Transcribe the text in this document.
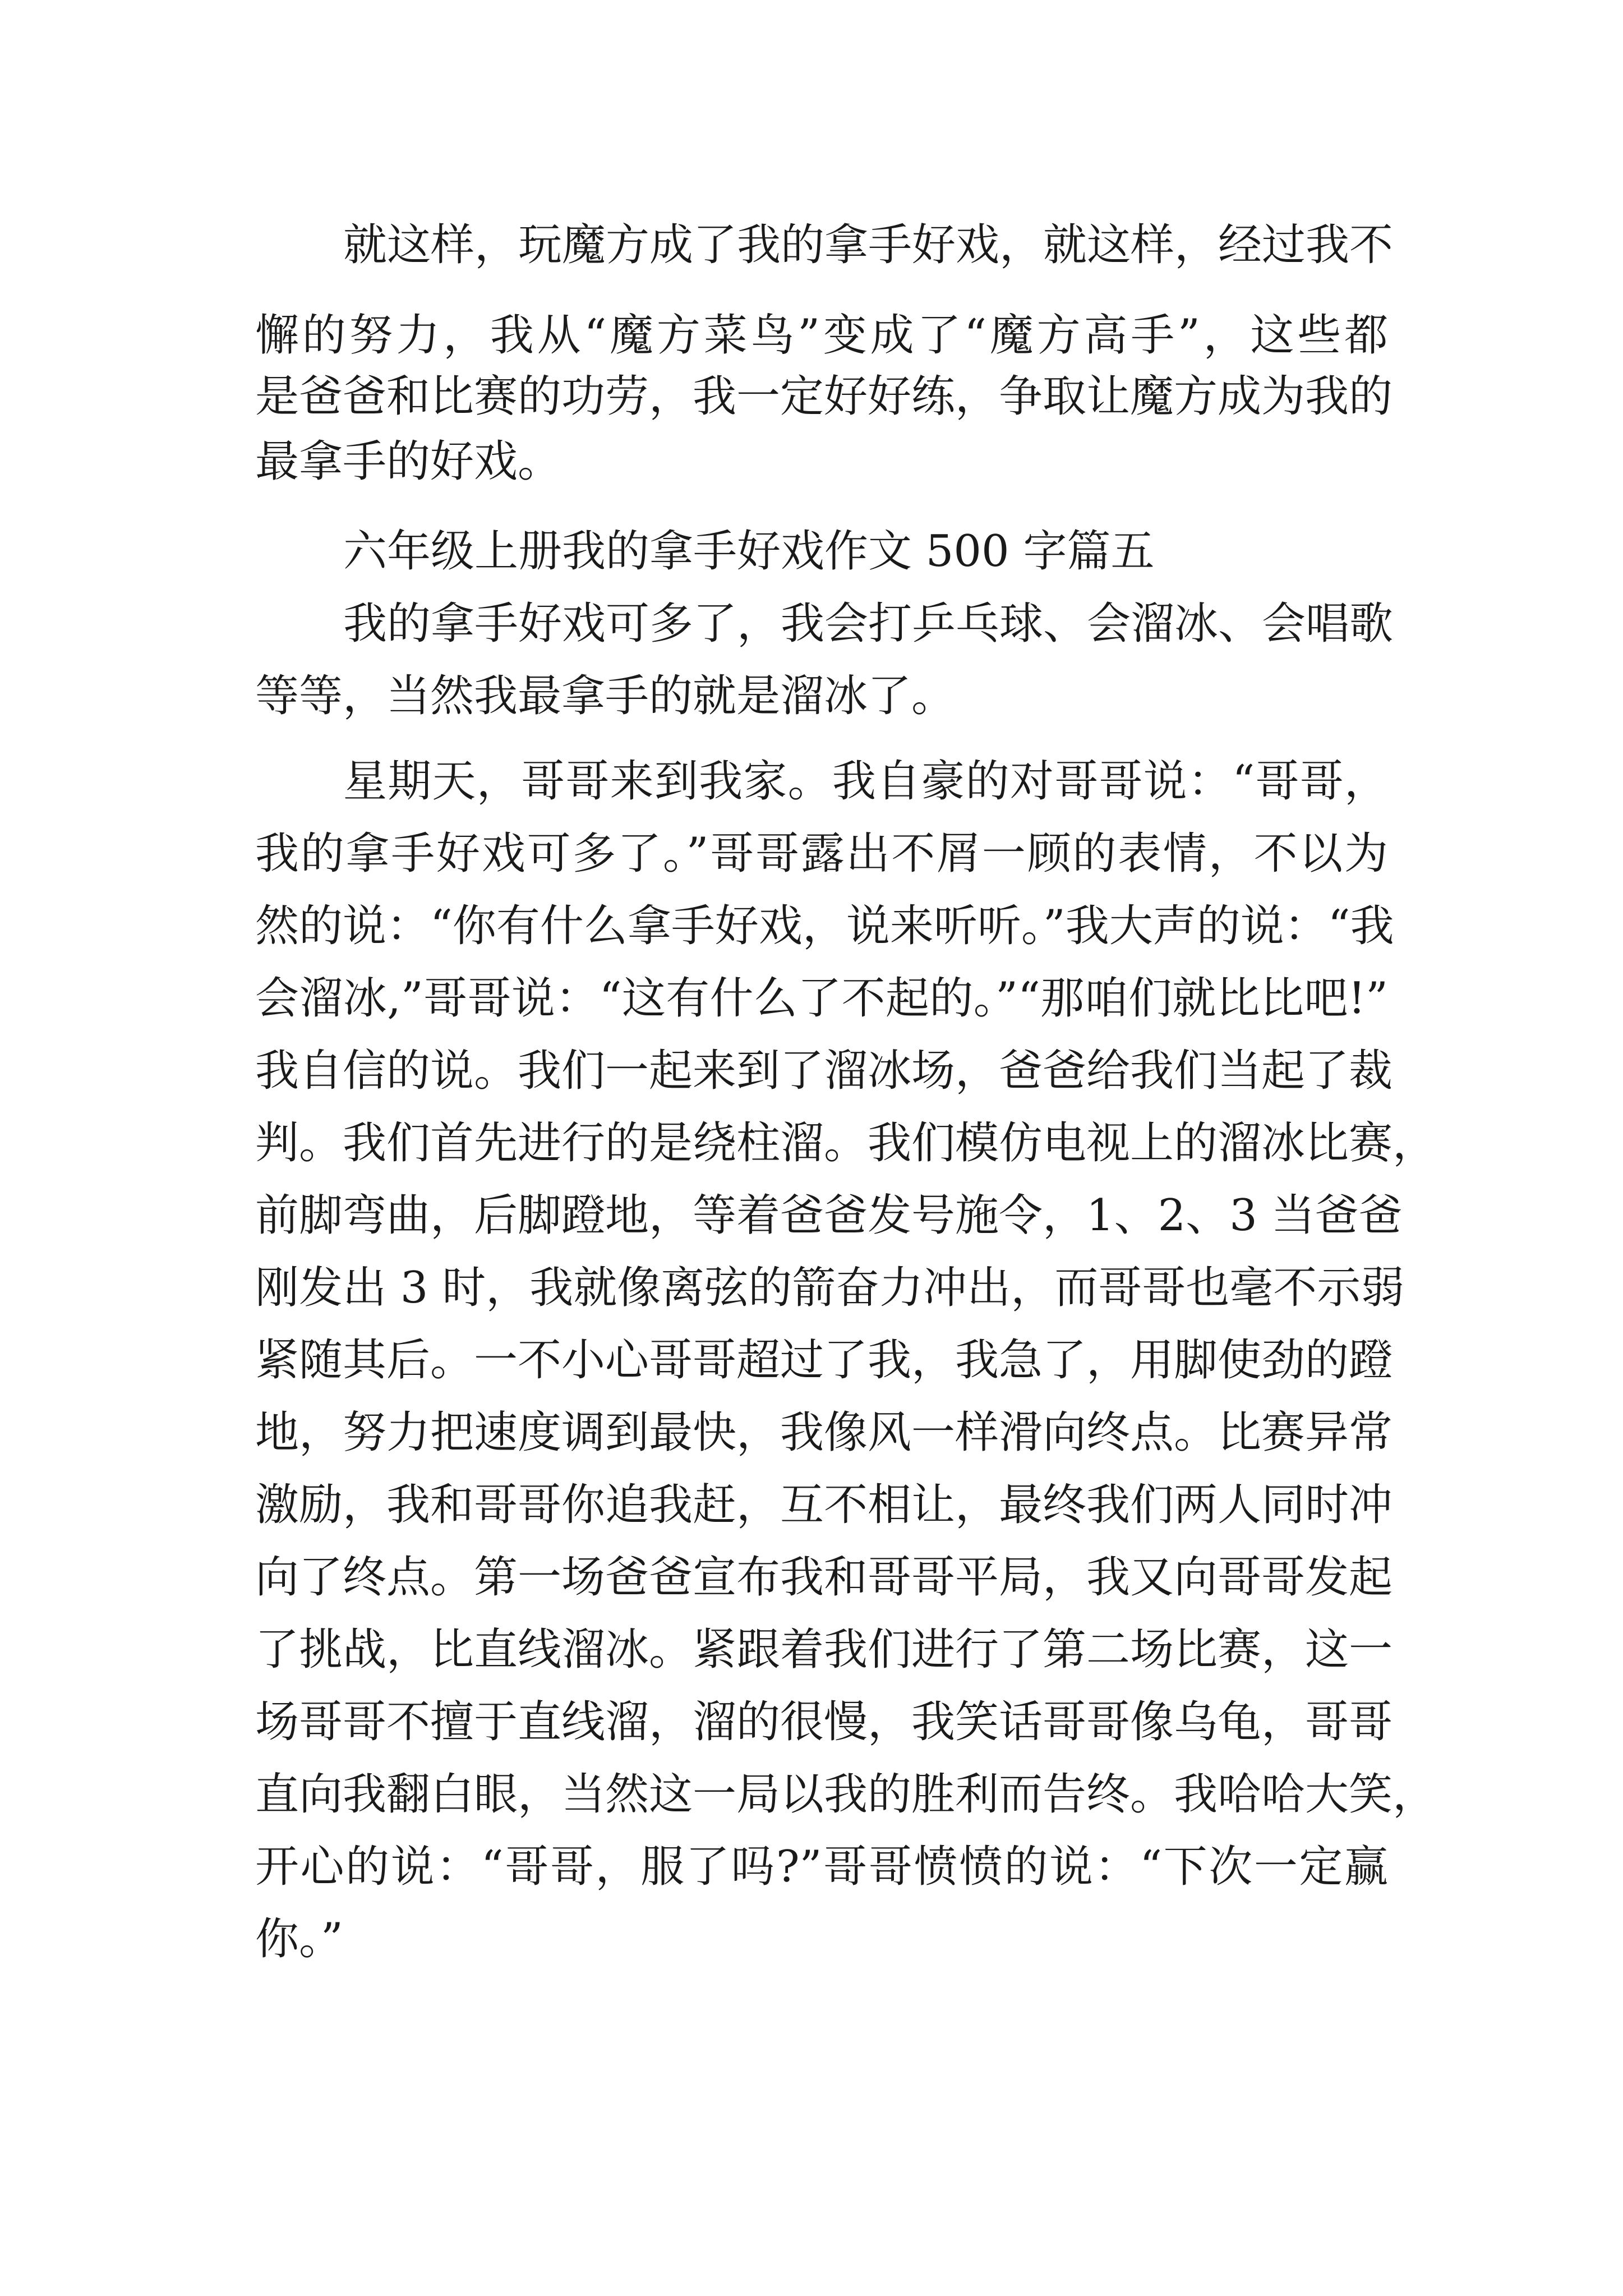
就这样，玩魔方成了我的拿手好戏，就这样，经过我不
懈的努力，我从“魔方菜鸟”变成了“魔方高手”，这些都
是爸爸和比赛的功劳，我一定好好练，争取让魔方成为我的
最拿手的好戏。
六年级上册我的拿手好戏作文 500 字篇五
我的拿手好戏可多了，我会打乒乓球、会溜冰、会唱歌
等等，当然我最拿手的就是溜冰了。
星期天，哥哥来到我家。我自豪的对哥哥说：“哥哥，
我的拿手好戏可多了。”哥哥露出不屑一顾的表情，不以为
然的说：“你有什么拿手好戏，说来听听。”我大声的说：“我
会溜冰,”哥哥说：“这有什么了不起的。”“那咱们就比比吧!”
我自信的说。我们一起来到了溜冰场，爸爸给我们当起了裁
判。我们首先进行的是绕柱溜。我们模仿电视上的溜冰比赛，
前脚弯曲，后脚蹬地，等着爸爸发号施令，1、2、3 当爸爸
刚发出 3 时，我就像离弦的箭奋力冲出，而哥哥也毫不示弱
紧随其后。一不小心哥哥超过了我，我急了，用脚使劲的蹬
地，努力把速度调到最快，我像风一样滑向终点。比赛异常
激励，我和哥哥你追我赶，互不相让，最终我们两人同时冲
向了终点。第一场爸爸宣布我和哥哥平局，我又向哥哥发起
了挑战，比直线溜冰。紧跟着我们进行了第二场比赛，这一
场哥哥不擅于直线溜，溜的很慢，我笑话哥哥像乌龟，哥哥
直向我翻白眼，当然这一局以我的胜利而告终。我哈哈大笑，
开心的说：“哥哥，服了吗?”哥哥愤愤的说：“下次一定赢
你。”
